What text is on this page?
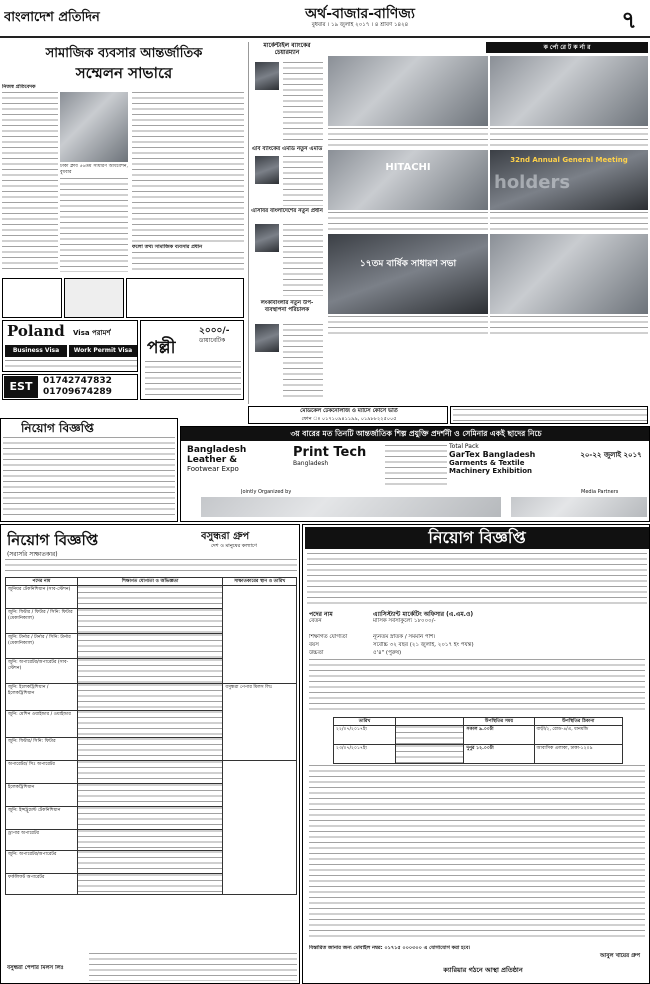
বাংলাদেশ প্রতিদিন	অর্থ-বাজার-বাণিজ্য
বুধবার । ১৯ জুলাই ২০১৭ । ৪ শ্রাবণ ১৪২৪	৭
সামাজিক ব্যবসার আন্তর্জাতিক
সম্মেলন সাভারে
নিজস্ব প্রতিবেদক
ঢাকা ক্লাব ৫৬তম সাধারণ অধিবেশন, বুধবার
ফলো তথ্য সামাজিক ব্যবসার প্রধান
মার্কেন্টাইল ব্যাংকের চেয়ারম্যান
এবি ব্যাংকের এমডি নতুন এমডি
এসিবির বাংলাদেশের নতুন প্রধান
লংকাবাংলার নতুন উপ-ব্যবস্থাপনা পরিচালক
ক র্পো রে ট ক র্না র
HITACHI
32nd Annual General Meeting
holders
১৭তম বার্ষিক সাধারণ সভা
Poland Visa পরামর্শ
Business Visa	Work Permit Visa
EST	01742747832
01709674289
পল্লী
২০০০/-
ডায়াবেটিক
মেডিকেল টেকনোলজি ও ম্যাটস কোর্সে ভর্তি
ফোন ঃ ০১৭১০৯৪১১৯৯, ০১৯৮৮২২৫০০৫
৩য় বারের মত তিনটি আন্তর্জাতিক শিল্প প্রযুক্তি প্রদর্শনী ও সেমিনার একই ছাদের নিচে
Bangladesh
Leather &
Footwear Expo
Print Tech
Bangladesh
Total Pack
GarTex Bangladesh
Garments & Textile
Machinery Exhibition
২০-২২ জুলাই ২০১৭
Jointly Organized by	Media Partners
নিয়োগ বিজ্ঞপ্তি
নিয়োগ বিজ্ঞপ্তি
(সরাসরি সাক্ষাতকার)
বসুন্ধরা গ্রুপ
দেশ ও মানুষের কল্যাণে
পদের নাম	শিক্ষাগত যোগ্যতা ও অভিজ্ঞতা	সাক্ষাতকারের স্থান ও তারিখ
জুনিয়র টেকনিশিয়ান (সাব-স্টেশন)		
জুনি: ফিটার / ফিটার / সিনি: ফিটার (মেকানিক্যাল)		
জুনি: টার্নার / টার্নার / সিনি: টার্নার (মেকানিক্যাল)		
জুনি: অপারেটর/অপারেটর (সাব-স্টেশন)		
জুনি: ইলেকট্রিশিয়ান / ইলেকট্রিশিয়ান		বসুন্ধরা পেপার মিলস লিঃ
জুনি: মেশিন ওয়াইন্ডার / ওয়াইন্ডার		
জুনি: ফিটার/ সিনি: ফিটার		
অপারেটর/ সিঃ অপারেটর		
ইলেকট্রিশিয়ান		
জুনি: ইন্সট্রুমেন্ট টেকনিশিয়ান		
ড্রাপার অপারেটর		
জুনি: অপারেটর/অপারেটর		
ফর্কলিফট অপারেটর		
বসুন্ধরা পেপার মিলস লিঃ
নিয়োগ বিজ্ঞপ্তি
পদের নাম	এ্যাসিস্ট্যান্ট মার্কেটিং অফিসার (এ.এম.ও)
বেতন	মাসিক সর্বসাকুল্যে ১৮০০০/-
শিক্ষাগত যোগ্যতা	ন্যূনতম স্নাতক / সমমান পাশ।
বয়স	সর্বোচ্চ ৩২ বছর (২১ জুলাই, ২০১৭ ইং পর্যন্ত)
উচ্চতা	৫'৪" (পুরুষ)
তারিখ		উপস্থিতির সময়	উপস্থিতির ঠিকানা
২২/০৭/২০১৭ইং		সকাল ৯.০০টা	বাড়ী/২, রোড-৪/এ, ধানমন্ডি
২৩/০৭/২০১৭ইং		দুপুর ১২.০০টা	আবাসিক এলাকা, ঢাকা-১২০৯
বিস্তারিত জানার জন্য মোবাইল নম্বর: ০১৭১৫ ০০০৩০০ এ যোগাযোগ করা হবে।
ক্যারিয়ার গঠনে আস্থা প্রতিষ্ঠান
আবুল খায়ের গ্রুপ
